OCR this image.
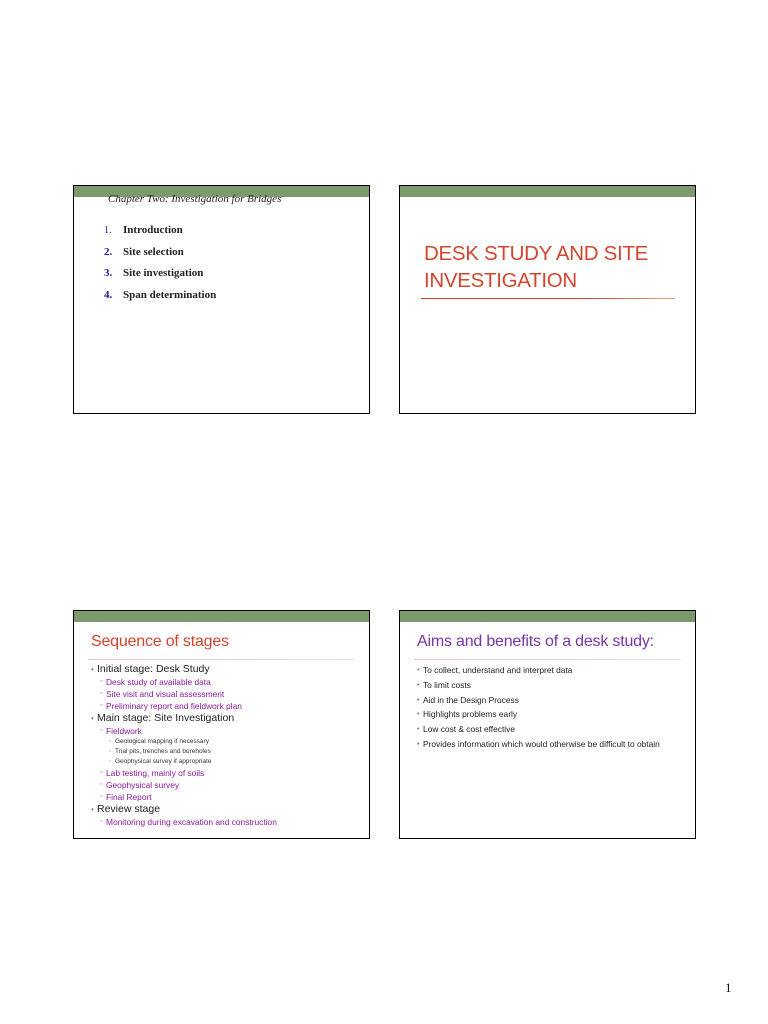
Chapter Two: Investigation for Bridges
1. Introduction
2. Site selection
3. Site investigation
4. Span determination
DESK STUDY AND SITE
INVESTIGATION
Sequence of stages
• Initial stage: Desk Study
◦ Desk study of available data
◦ Site visit and visual assessment
◦ Preliminary report and fieldwork plan
• Main stage: Site Investigation
◦ Fieldwork
◦ Geological mapping if necessary
◦ Trial pits, trenches and boreholes
◦ Geophysical survey if appropriate
◦ Lab testing, mainly of soils
◦ Geophysical survey
◦ Final Report
• Review stage
◦ Monitoring during excavation and construction
Aims and benefits of a desk study:
• To collect, understand and interpret data
• To limit costs
• Aid in the Design Process
• Highlights problems early
• Low cost & cost effective
• Provides information which would otherwise be difficult to obtain
1
